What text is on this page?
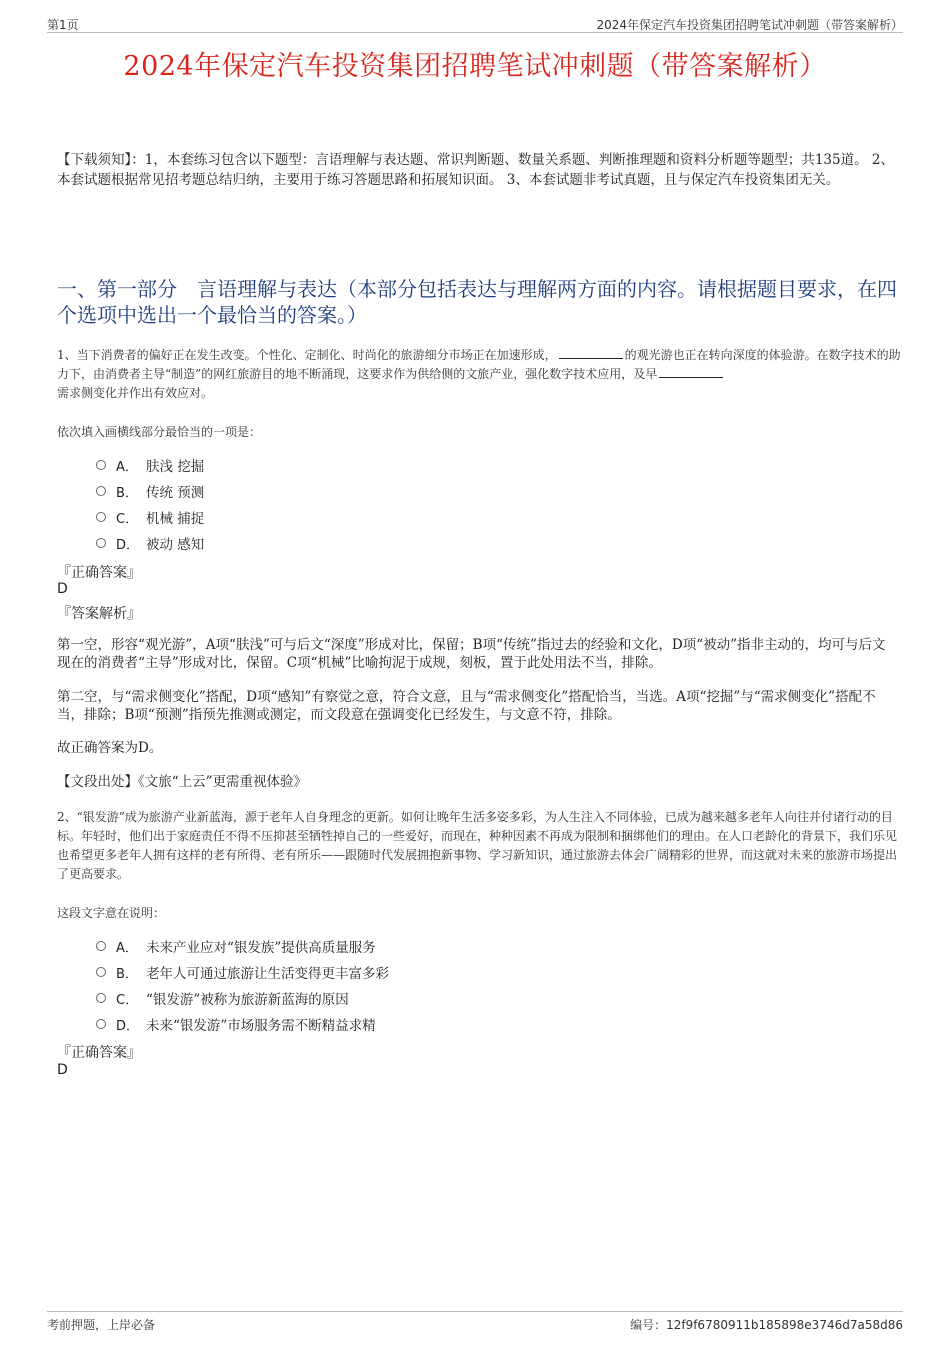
第1页	2024年保定汽车投资集团招聘笔试冲刺题（带答案解析）
2024年保定汽车投资集团招聘笔试冲刺题（带答案解析）
【下载须知】：1，本套练习包含以下题型：言语理解与表达题、常识判断题、数量关系题、判断推理题和资料分析题等题型；共135道。 2、本套试题根据常见招考题总结归纳，主要用于练习答题思路和拓展知识面。 3、本套试题非考试真题，且与保定汽车投资集团无关。
一、第一部分　言语理解与表达（本部分包括表达与理解两方面的内容。请根据题目要求，在四个选项中选出一个最恰当的答案。）
1、当下消费者的偏好正在发生改变。个性化、定制化、时尚化的旅游细分市场正在加速形成，	的观光游也正在转向深度的体验游。在数字技术的助力下，由消费者主导“制造”的网红旅游目的地不断涌现，这要求作为供给侧的文旅产业，强化数字技术应用，及早
需求侧变化并作出有效应对。
依次填入画横线部分最恰当的一项是：
A． 肤浅 挖掘
B． 传统 预测
C． 机械 捕捉
D． 被动 感知
『正确答案』
D
『答案解析』
第一空，形容“观光游”，A项“肤浅”可与后文“深度”形成对比，保留；B项“传统”指过去的经验和文化，D项“被动”指非主动的，均可与后文现在的消费者“主导”形成对比，保留。C项“机械”比喻拘泥于成规，刻板，置于此处用法不当，排除。
第二空，与“需求侧变化”搭配，D项“感知”有察觉之意，符合文意，且与“需求侧变化”搭配恰当，当选。A项“挖掘”与“需求侧变化”搭配不当，排除；B项“预测”指预先推测或测定，而文段意在强调变化已经发生，与文意不符，排除。
故正确答案为D。
【文段出处】《文旅“上云”更需重视体验》
2、“银发游”成为旅游产业新蓝海，源于老年人自身理念的更新。如何让晚年生活多姿多彩，为人生注入不同体验，已成为越来越多老年人向往并付诸行动的目标。年轻时，他们出于家庭责任不得不压抑甚至牺牲掉自己的一些爱好，而现在，种种因素不再成为限制和捆绑他们的理由。在人口老龄化的背景下，我们乐见也希望更多老年人拥有这样的老有所得、老有所乐——跟随时代发展拥抱新事物、学习新知识，通过旅游去体会广阔精彩的世界，而这就对未来的旅游市场提出了更高要求。
这段文字意在说明：
A． 未来产业应对“银发族”提供高质量服务
B． 老年人可通过旅游让生活变得更丰富多彩
C． “银发游”被称为旅游新蓝海的原因
D． 未来“银发游”市场服务需不断精益求精
『正确答案』
D
考前押题，上岸必备	编号：12f9f6780911b185898e3746d7a58d86
